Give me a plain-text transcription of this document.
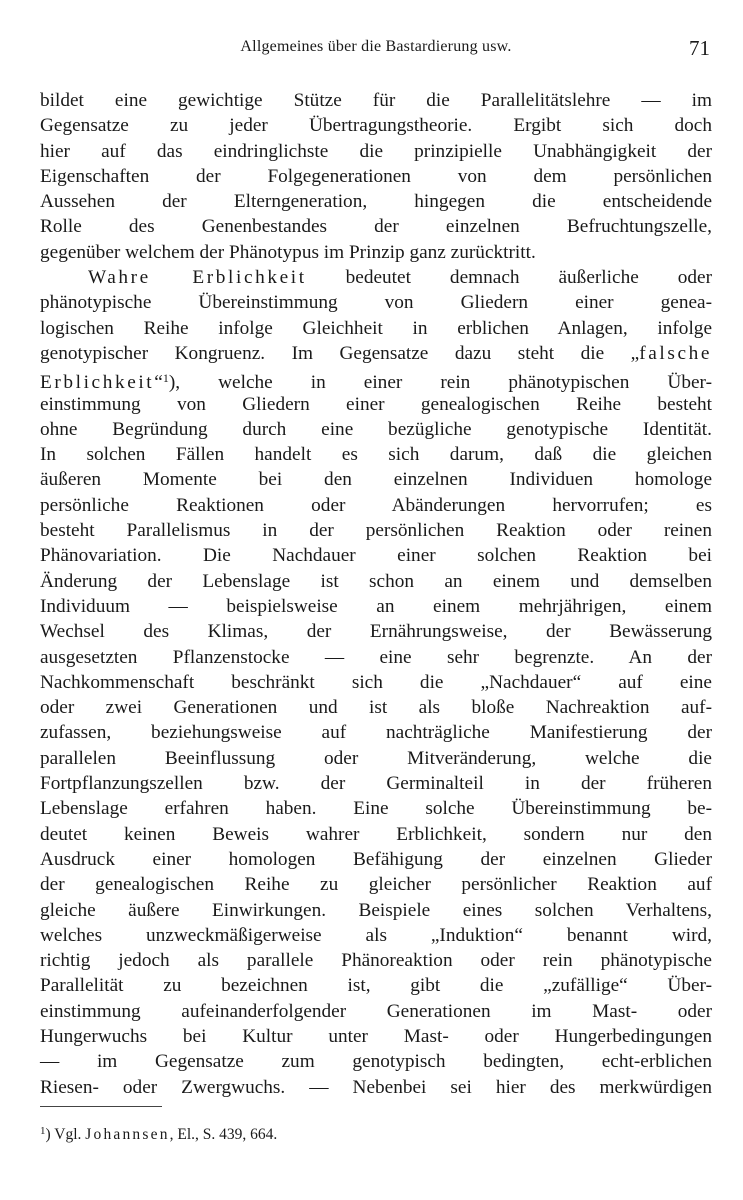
Allgemeines über die Bastardierung usw.	71
bildet eine gewichtige Stütze für die Parallelitätslehre — im
Gegensatze zu jeder Übertragungstheorie. Ergibt sich doch
hier auf das eindringlichste die prinzipielle Unabhängigkeit der
Eigenschaften der Folgegenerationen von dem persönlichen
Aussehen der Elterngeneration, hingegen die entscheidende
Rolle des Genenbestandes der einzelnen Befruchtungszelle,
gegenüber welchem der Phänotypus im Prinzip ganz zurücktritt.
Wahre Erblichkeit bedeutet demnach äußerliche oder
phänotypische Übereinstimmung von Gliedern einer genea-
logischen Reihe infolge Gleichheit in erblichen Anlagen, infolge
genotypischer Kongruenz. Im Gegensatze dazu steht die „falsche
Erblichkeit“$^1$), welche in einer rein phänotypischen Über-
einstimmung von Gliedern einer genealogischen Reihe besteht
ohne Begründung durch eine bezügliche genotypische Identität.
In solchen Fällen handelt es sich darum, daß die gleichen
äußeren Momente bei den einzelnen Individuen homologe
persönliche Reaktionen oder Abänderungen hervorrufen; es
besteht Parallelismus in der persönlichen Reaktion oder reinen
Phänovariation. Die Nachdauer einer solchen Reaktion bei
Änderung der Lebenslage ist schon an einem und demselben
Individuum — beispielsweise an einem mehrjährigen, einem
Wechsel des Klimas, der Ernährungsweise, der Bewässerung
ausgesetzten Pflanzenstocke — eine sehr begrenzte. An der
Nachkommenschaft beschränkt sich die „Nachdauer“ auf eine
oder zwei Generationen und ist als bloße Nachreaktion auf-
zufassen, beziehungsweise auf nachträgliche Manifestierung der
parallelen Beeinflussung oder Mitveränderung, welche die
Fortpflanzungszellen bzw. der Germinalteil in der früheren
Lebenslage erfahren haben. Eine solche Übereinstimmung be-
deutet keinen Beweis wahrer Erblichkeit, sondern nur den
Ausdruck einer homologen Befähigung der einzelnen Glieder
der genealogischen Reihe zu gleicher persönlicher Reaktion auf
gleiche äußere Einwirkungen. Beispiele eines solchen Verhaltens,
welches unzweckmäßigerweise als „Induktion“ benannt wird,
richtig jedoch als parallele Phänoreaktion oder rein phänotypische
Parallelität zu bezeichnen ist, gibt die „zufällige“ Über-
einstimmung aufeinanderfolgender Generationen im Mast- oder
Hungerwuchs bei Kultur unter Mast- oder Hungerbedingungen
— im Gegensatze zum genotypisch bedingten, echt-erblichen
Riesen- oder Zwergwuchs. — Nebenbei sei hier des merkwürdigen
$^1$) Vgl. Johannsen, El., S. 439, 664.
